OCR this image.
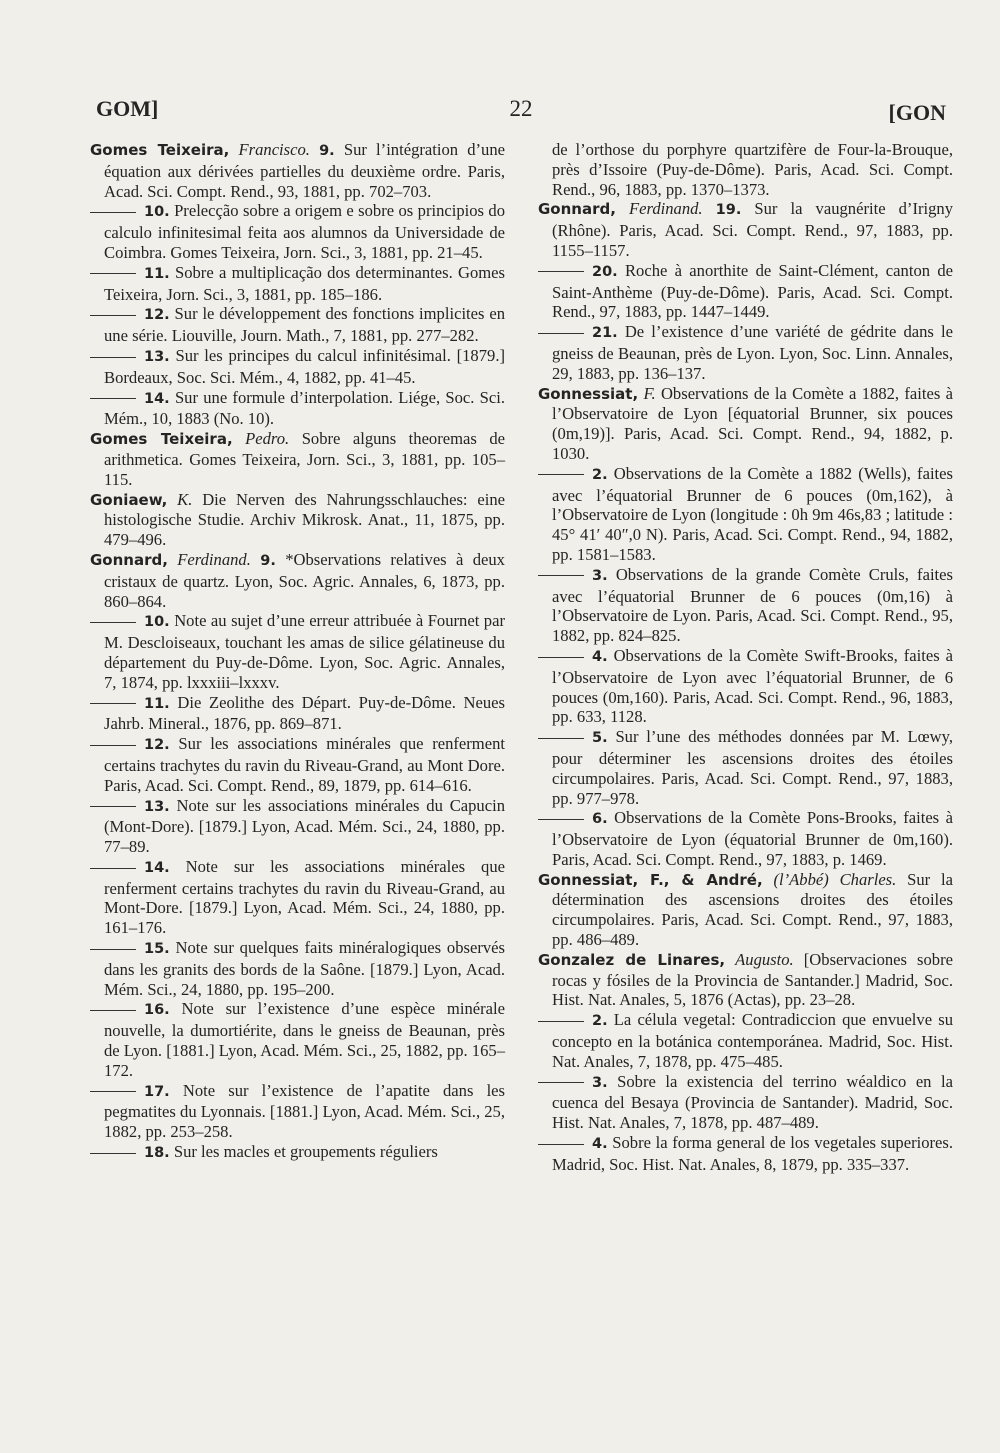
GOM]	22	[GON

Gomes Teixeira, Francisco. 9. Sur l’intégration d’une équation aux dérivées partielles du deuxième ordre. Paris, Acad. Sci. Compt. Rend., 93, 1881, pp. 702–703.

10. Prelecção sobre a origem e sobre os principios do calculo infinitesimal feita aos alumnos da Universidade de Coimbra. Gomes Teixeira, Jorn. Sci., 3, 1881, pp. 21–45.

11. Sobre a multiplicação dos determinantes. Gomes Teixeira, Jorn. Sci., 3, 1881, pp. 185–186.

12. Sur le développement des fonctions implicites en une série. Liouville, Journ. Math., 7, 1881, pp. 277–282.

13. Sur les principes du calcul infinitésimal. [1879.] Bordeaux, Soc. Sci. Mém., 4, 1882, pp. 41–45.

14. Sur une formule d’interpolation. Liége, Soc. Sci. Mém., 10, 1883 (No. 10).

Gomes Teixeira, Pedro. Sobre alguns theoremas de arithmetica. Gomes Teixeira, Jorn. Sci., 3, 1881, pp. 105–115.

Goniaew, K. Die Nerven des Nahrungsschlauches: eine histologische Studie. Archiv Mikrosk. Anat., 11, 1875, pp. 479–496.

Gonnard, Ferdinand. 9. *Observations relatives à deux cristaux de quartz. Lyon, Soc. Agric. Annales, 6, 1873, pp. 860–864.

10. Note au sujet d’une erreur attribuée à Fournet par M. Descloiseaux, touchant les amas de silice gélatineuse du département du Puy-de-Dôme. Lyon, Soc. Agric. Annales, 7, 1874, pp. lxxxiii–lxxxv.

11. Die Zeolithe des Départ. Puy-de-Dôme. Neues Jahrb. Mineral., 1876, pp. 869–871.

12. Sur les associations minérales que renferment certains trachytes du ravin du Riveau-Grand, au Mont Dore. Paris, Acad. Sci. Compt. Rend., 89, 1879, pp. 614–616.

13. Note sur les associations minérales du Capucin (Mont-Dore). [1879.] Lyon, Acad. Mém. Sci., 24, 1880, pp. 77–89.

14. Note sur les associations minérales que renferment certains trachytes du ravin du Riveau-Grand, au Mont-Dore. [1879.] Lyon, Acad. Mém. Sci., 24, 1880, pp. 161–176.

15. Note sur quelques faits minéralogiques observés dans les granits des bords de la Saône. [1879.] Lyon, Acad. Mém. Sci., 24, 1880, pp. 195–200.

16. Note sur l’existence d’une espèce minérale nouvelle, la dumortiérite, dans le gneiss de Beaunan, près de Lyon. [1881.] Lyon, Acad. Mém. Sci., 25, 1882, pp. 165–172.

17. Note sur l’existence de l’apatite dans les pegmatites du Lyonnais. [1881.] Lyon, Acad. Mém. Sci., 25, 1882, pp. 253–258.

18. Sur les macles et groupements réguliers

de l’orthose du porphyre quartzifère de Four-la-Brouque, près d’Issoire (Puy-de-Dôme). Paris, Acad. Sci. Compt. Rend., 96, 1883, pp. 1370–1373.

Gonnard, Ferdinand. 19. Sur la vaugnérite d’Irigny (Rhône). Paris, Acad. Sci. Compt. Rend., 97, 1883, pp. 1155–1157.

20. Roche à anorthite de Saint-Clément, canton de Saint-Anthème (Puy-de-Dôme). Paris, Acad. Sci. Compt. Rend., 97, 1883, pp. 1447–1449.

21. De l’existence d’une variété de gédrite dans le gneiss de Beaunan, près de Lyon. Lyon, Soc. Linn. Annales, 29, 1883, pp. 136–137.

Gonnessiat, F. Observations de la Comète a 1882, faites à l’Observatoire de Lyon [équatorial Brunner, six pouces (0m,19)]. Paris, Acad. Sci. Compt. Rend., 94, 1882, p. 1030.

2. Observations de la Comète a 1882 (Wells), faites avec l’équatorial Brunner de 6 pouces (0m,162), à l’Observatoire de Lyon (longitude : 0h 9m 46s,83 ; latitude : 45° 41′ 40″,0 N). Paris, Acad. Sci. Compt. Rend., 94, 1882, pp. 1581–1583.

3. Observations de la grande Comète Cruls, faites avec l’équatorial Brunner de 6 pouces (0m,16) à l’Observatoire de Lyon. Paris, Acad. Sci. Compt. Rend., 95, 1882, pp. 824–825.

4. Observations de la Comète Swift-Brooks, faites à l’Observatoire de Lyon avec l’équatorial Brunner, de 6 pouces (0m,160). Paris, Acad. Sci. Compt. Rend., 96, 1883, pp. 633, 1128.

5. Sur l’une des méthodes données par M. Lœwy, pour déterminer les ascensions droites des étoiles circumpolaires. Paris, Acad. Sci. Compt. Rend., 97, 1883, pp. 977–978.

6. Observations de la Comète Pons-Brooks, faites à l’Observatoire de Lyon (équatorial Brunner de 0m,160). Paris, Acad. Sci. Compt. Rend., 97, 1883, p. 1469.

Gonnessiat, F., & André, (l’Abbé) Charles. Sur la détermination des ascensions droites des étoiles circumpolaires. Paris, Acad. Sci. Compt. Rend., 97, 1883, pp. 486–489.

Gonzalez de Linares, Augusto. [Observaciones sobre rocas y fósiles de la Provincia de Santander.] Madrid, Soc. Hist. Nat. Anales, 5, 1876 (Actas), pp. 23–28.

2. La célula vegetal: Contradiccion que envuelve su concepto en la botánica contemporánea. Madrid, Soc. Hist. Nat. Anales, 7, 1878, pp. 475–485.

3. Sobre la existencia del terrino wéaldico en la cuenca del Besaya (Provincia de Santander). Madrid, Soc. Hist. Nat. Anales, 7, 1878, pp. 487–489.

4. Sobre la forma general de los vegetales superiores. Madrid, Soc. Hist. Nat. Anales, 8, 1879, pp. 335–337.
